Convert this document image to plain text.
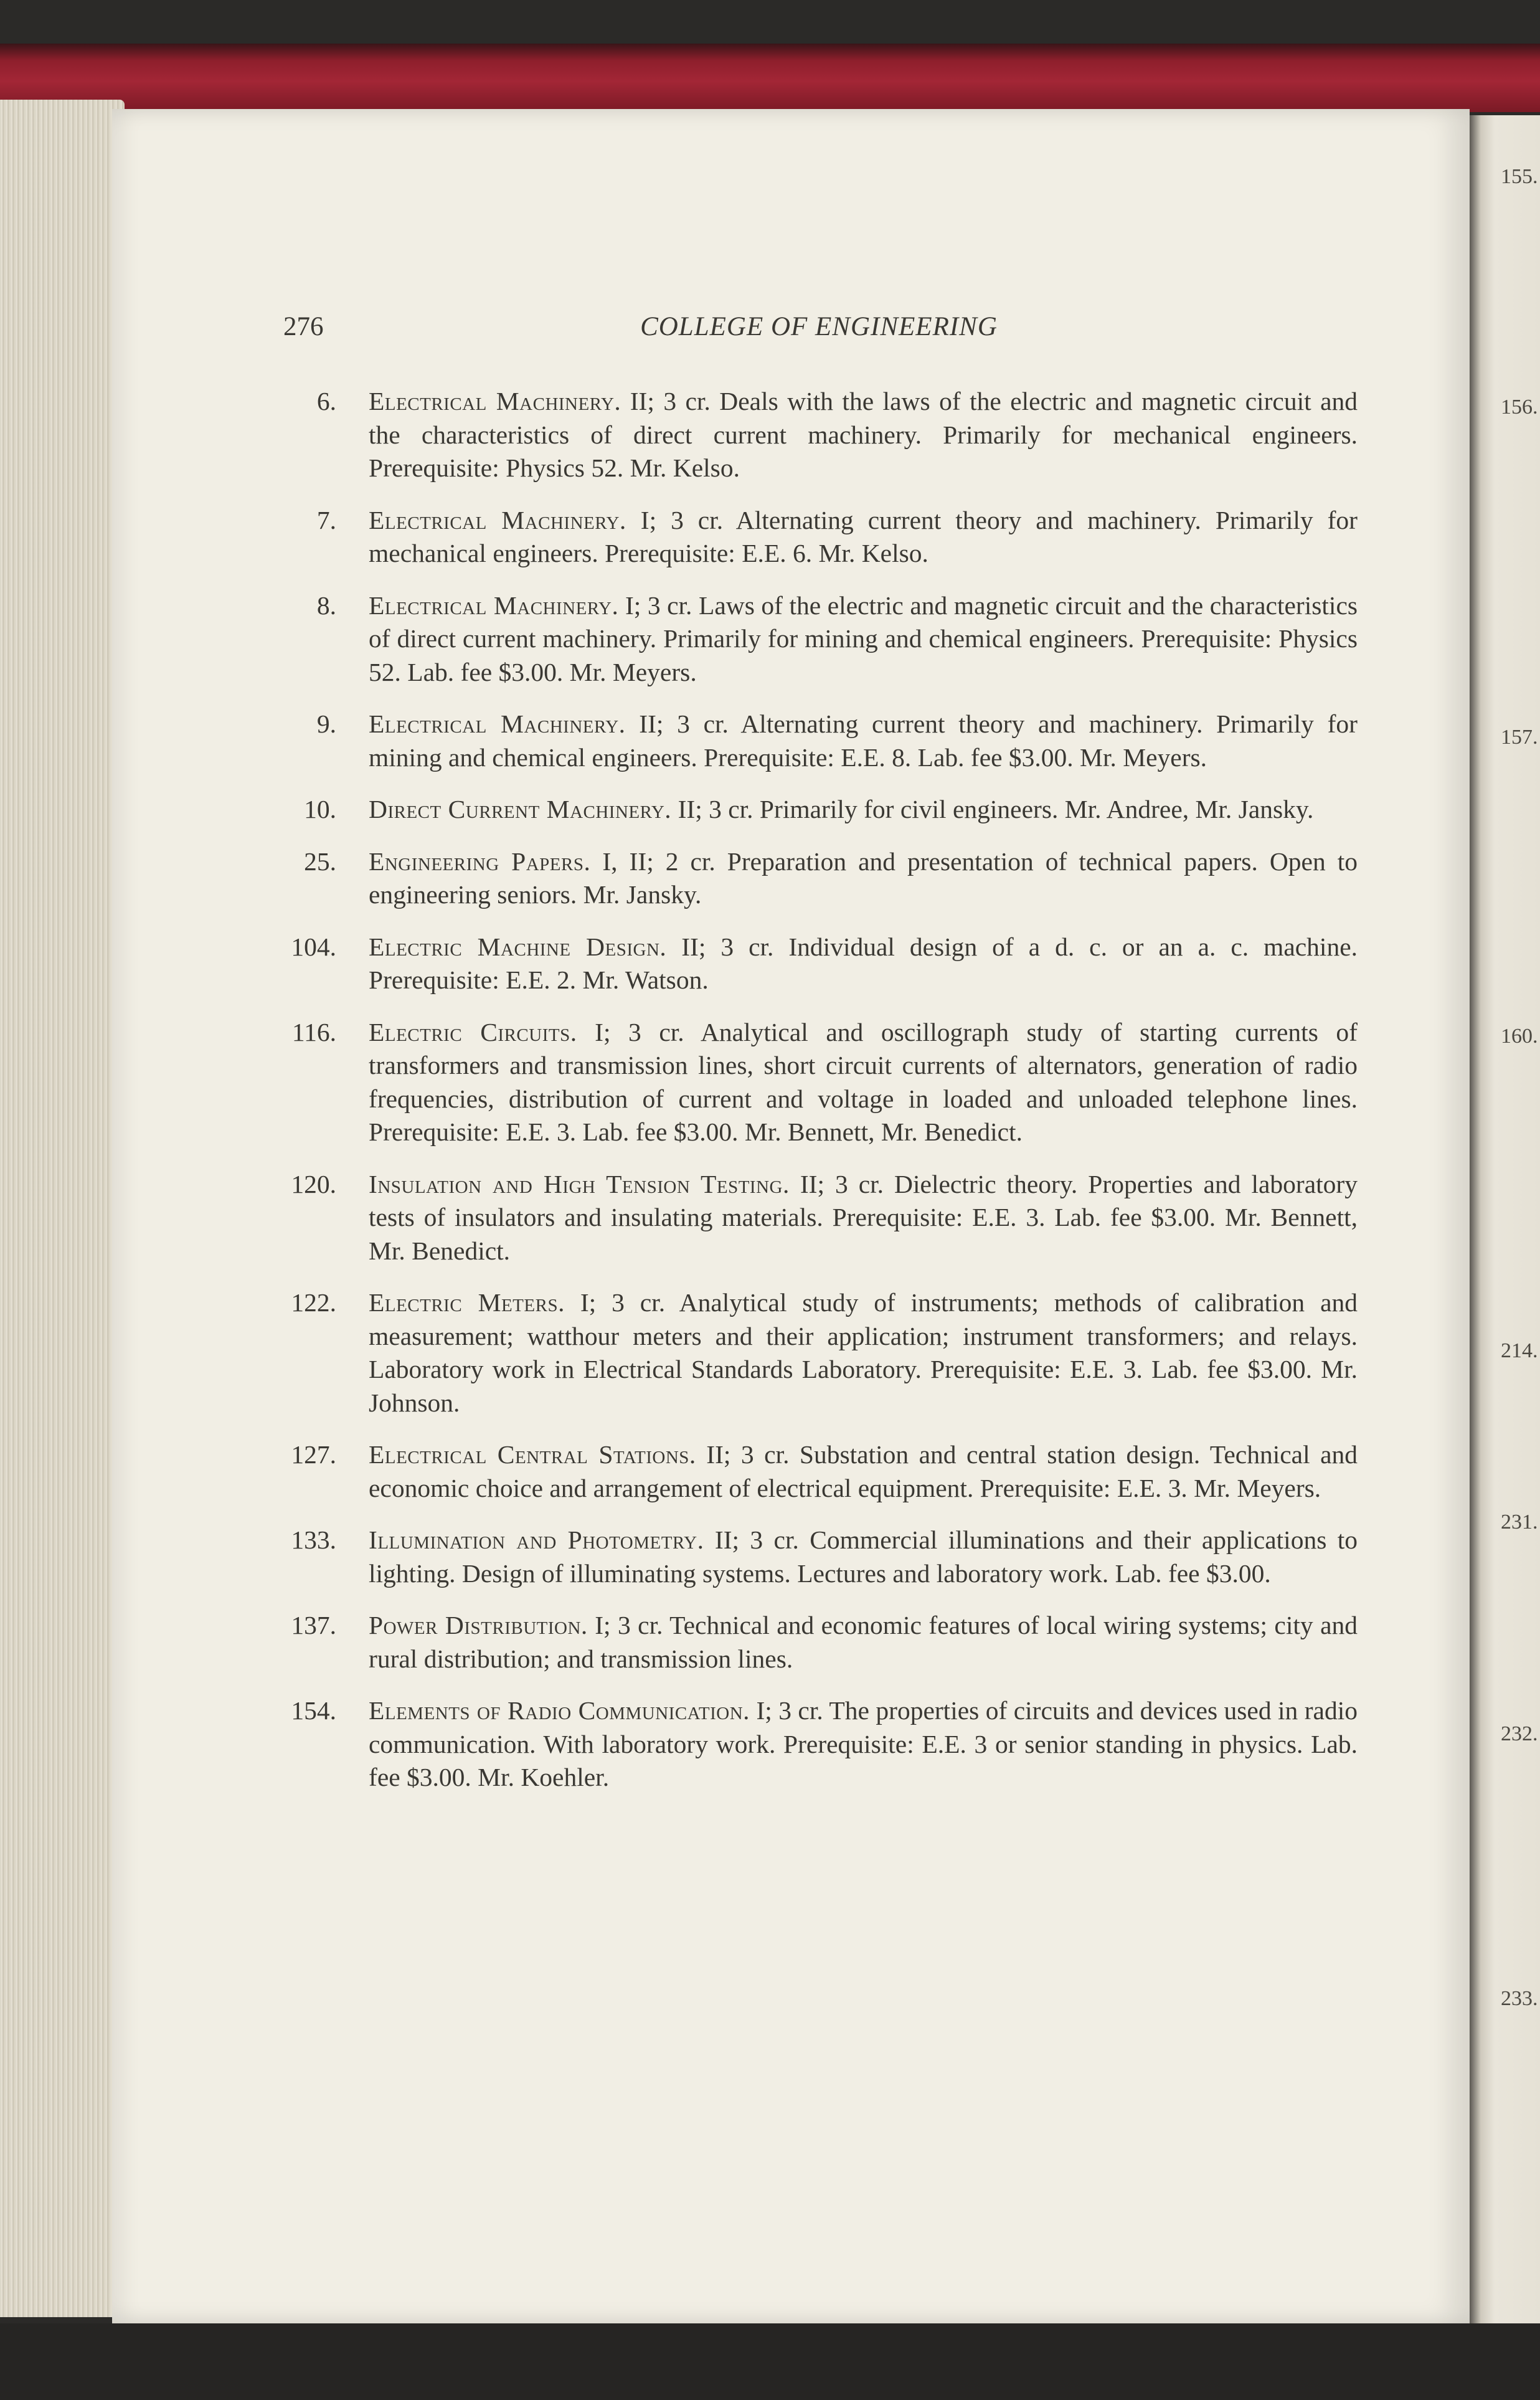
155.
156.
157.
160.
214.
231.
232.
233.
276	COLLEGE OF ENGINEERING
6. Electrical Machinery. II; 3 cr. Deals with the laws of the electric and magnetic circuit and the characteristics of direct current machinery. Primarily for mechanical engineers. Prerequisite: Physics 52. Mr. Kelso.
7. Electrical Machinery. I; 3 cr. Alternating current theory and machinery. Primarily for mechanical engineers. Prerequisite: E.E. 6. Mr. Kelso.
8. Electrical Machinery. I; 3 cr. Laws of the electric and magnetic circuit and the characteristics of direct current machinery. Primarily for mining and chemical engineers. Prerequisite: Physics 52. Lab. fee $3.00. Mr. Meyers.
9. Electrical Machinery. II; 3 cr. Alternating current theory and machinery. Primarily for mining and chemical engineers. Prerequisite: E.E. 8. Lab. fee $3.00. Mr. Meyers.
10. Direct Current Machinery. II; 3 cr. Primarily for civil engineers. Mr. Andree, Mr. Jansky.
25. Engineering Papers. I, II; 2 cr. Preparation and presentation of technical papers. Open to engineering seniors. Mr. Jansky.
104. Electric Machine Design. II; 3 cr. Individual design of a d. c. or an a. c. machine. Prerequisite: E.E. 2. Mr. Watson.
116. Electric Circuits. I; 3 cr. Analytical and oscillograph study of starting currents of transformers and transmission lines, short circuit currents of alternators, generation of radio frequencies, distribution of current and voltage in loaded and unloaded telephone lines. Prerequisite: E.E. 3. Lab. fee $3.00. Mr. Bennett, Mr. Benedict.
120. Insulation and High Tension Testing. II; 3 cr. Dielectric theory. Properties and laboratory tests of insulators and insulating materials. Prerequisite: E.E. 3. Lab. fee $3.00. Mr. Bennett, Mr. Benedict.
122. Electric Meters. I; 3 cr. Analytical study of instruments; methods of calibration and measurement; watthour meters and their application; instrument transformers; and relays. Laboratory work in Electrical Standards Laboratory. Prerequisite: E.E. 3. Lab. fee $3.00. Mr. Johnson.
127. Electrical Central Stations. II; 3 cr. Substation and central station design. Technical and economic choice and arrangement of electrical equipment. Prerequisite: E.E. 3. Mr. Meyers.
133. Illumination and Photometry. II; 3 cr. Commercial illuminations and their applications to lighting. Design of illuminating systems. Lectures and laboratory work. Lab. fee $3.00.
137. Power Distribution. I; 3 cr. Technical and economic features of local wiring systems; city and rural distribution; and transmission lines.
154. Elements of Radio Communication. I; 3 cr. The properties of circuits and devices used in radio communication. With laboratory work. Prerequisite: E.E. 3 or senior standing in physics. Lab. fee $3.00. Mr. Koehler.
